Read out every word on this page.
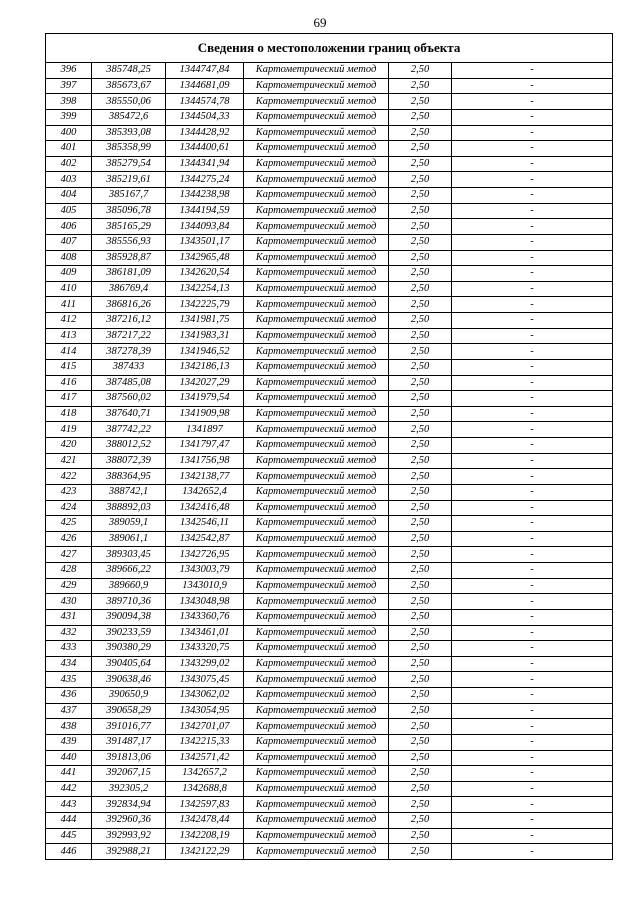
69
Сведения о местоположении границ объекта					
396	385748,25	1344747,84	Картометрический метод	2,50	-
397	385673,67	1344681,09	Картометрический метод	2,50	-
398	385550,06	1344574,78	Картометрический метод	2,50	-
399	385472,6	1344504,33	Картометрический метод	2,50	-
400	385393,08	1344428,92	Картометрический метод	2,50	-
401	385358,99	1344400,61	Картометрический метод	2,50	-
402	385279,54	1344341,94	Картометрический метод	2,50	-
403	385219,61	1344275,24	Картометрический метод	2,50	-
404	385167,7	1344238,98	Картометрический метод	2,50	-
405	385096,78	1344194,59	Картометрический метод	2,50	-
406	385165,29	1344093,84	Картометрический метод	2,50	-
407	385556,93	1343501,17	Картометрический метод	2,50	-
408	385928,87	1342965,48	Картометрический метод	2,50	-
409	386181,09	1342620,54	Картометрический метод	2,50	-
410	386769,4	1342254,13	Картометрический метод	2,50	-
411	386816,26	1342225,79	Картометрический метод	2,50	-
412	387216,12	1341981,75	Картометрический метод	2,50	-
413	387217,22	1341983,31	Картометрический метод	2,50	-
414	387278,39	1341946,52	Картометрический метод	2,50	-
415	387433	1342186,13	Картометрический метод	2,50	-
416	387485,08	1342027,29	Картометрический метод	2,50	-
417	387560,02	1341979,54	Картометрический метод	2,50	-
418	387640,71	1341909,98	Картометрический метод	2,50	-
419	387742,22	1341897	Картометрический метод	2,50	-
420	388012,52	1341797,47	Картометрический метод	2,50	-
421	388072,39	1341756,98	Картометрический метод	2,50	-
422	388364,95	1342138,77	Картометрический метод	2,50	-
423	388742,1	1342652,4	Картометрический метод	2,50	-
424	388892,03	1342416,48	Картометрический метод	2,50	-
425	389059,1	1342546,11	Картометрический метод	2,50	-
426	389061,1	1342542,87	Картометрический метод	2,50	-
427	389303,45	1342726,95	Картометрический метод	2,50	-
428	389666,22	1343003,79	Картометрический метод	2,50	-
429	389660,9	1343010,9	Картометрический метод	2,50	-
430	389710,36	1343048,98	Картометрический метод	2,50	-
431	390094,38	1343360,76	Картометрический метод	2,50	-
432	390233,59	1343461,01	Картометрический метод	2,50	-
433	390380,29	1343320,75	Картометрический метод	2,50	-
434	390405,64	1343299,02	Картометрический метод	2,50	-
435	390638,46	1343075,45	Картометрический метод	2,50	-
436	390650,9	1343062,02	Картометрический метод	2,50	-
437	390658,29	1343054,95	Картометрический метод	2,50	-
438	391016,77	1342701,07	Картометрический метод	2,50	-
439	391487,17	1342215,33	Картометрический метод	2,50	-
440	391813,06	1342571,42	Картометрический метод	2,50	-
441	392067,15	1342657,2	Картометрический метод	2,50	-
442	392305,2	1342688,8	Картометрический метод	2,50	-
443	392834,94	1342597,83	Картометрический метод	2,50	-
444	392960,36	1342478,44	Картометрический метод	2,50	-
445	392993,92	1342208,19	Картометрический метод	2,50	-
446	392988,21	1342122,29	Картометрический метод	2,50	-
